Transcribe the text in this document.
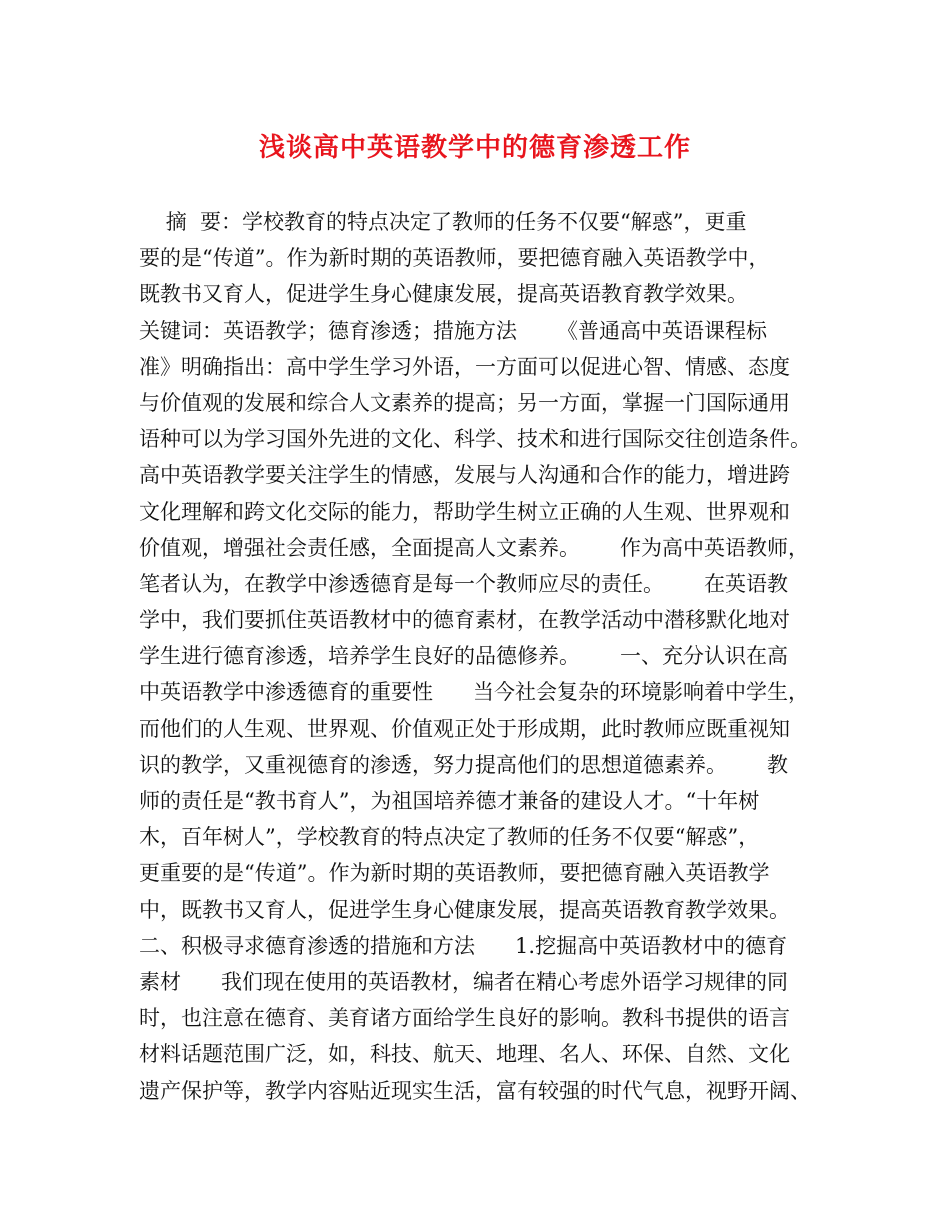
浅谈高中英语教学中的德育渗透工作
摘  要：学校教育的特点决定了教师的任务不仅要“解惑”，更重
要的是“传道”。作为新时期的英语教师，要把德育融入英语教学中，
既教书又育人，促进学生身心健康发展，提高英语教育教学效果。
关键词：英语教学；德育渗透；措施方法      《普通高中英语课程标
准》明确指出：高中学生学习外语，一方面可以促进心智、情感、态度
与价值观的发展和综合人文素养的提高；另一方面，掌握一门国际通用
语种可以为学习国外先进的文化、科学、技术和进行国际交往创造条件。
高中英语教学要关注学生的情感，发展与人沟通和合作的能力，增进跨
文化理解和跨文化交际的能力，帮助学生树立正确的人生观、世界观和
价值观，增强社会责任感，全面提高人文素养。      作为高中英语教师，
笔者认为，在教学中渗透德育是每一个教师应尽的责任。      在英语教
学中，我们要抓住英语教材中的德育素材，在教学活动中潜移默化地对
学生进行德育渗透，培养学生良好的品德修养。      一、充分认识在高
中英语教学中渗透德育的重要性      当今社会复杂的环境影响着中学生，
而他们的人生观、世界观、价值观正处于形成期，此时教师应既重视知
识的教学，又重视德育的渗透，努力提高他们的思想道德素养。      教
师的责任是“教书育人”，为祖国培养德才兼备的建设人才。“十年树
木，百年树人”，学校教育的特点决定了教师的任务不仅要“解惑”，
更重要的是“传道”。作为新时期的英语教师，要把德育融入英语教学
中，既教书又育人，促进学生身心健康发展，提高英语教育教学效果。
二、积极寻求德育渗透的措施和方法      1.挖掘高中英语教材中的德育
素材      我们现在使用的英语教材，编者在精心考虑外语学习规律的同
时，也注意在德育、美育诸方面给学生良好的影响。教科书提供的语言
材料话题范围广泛，如，科技、航天、地理、名人、环保、自然、文化
遗产保护等，教学内容贴近现实生活，富有较强的时代气息，视野开阔、
